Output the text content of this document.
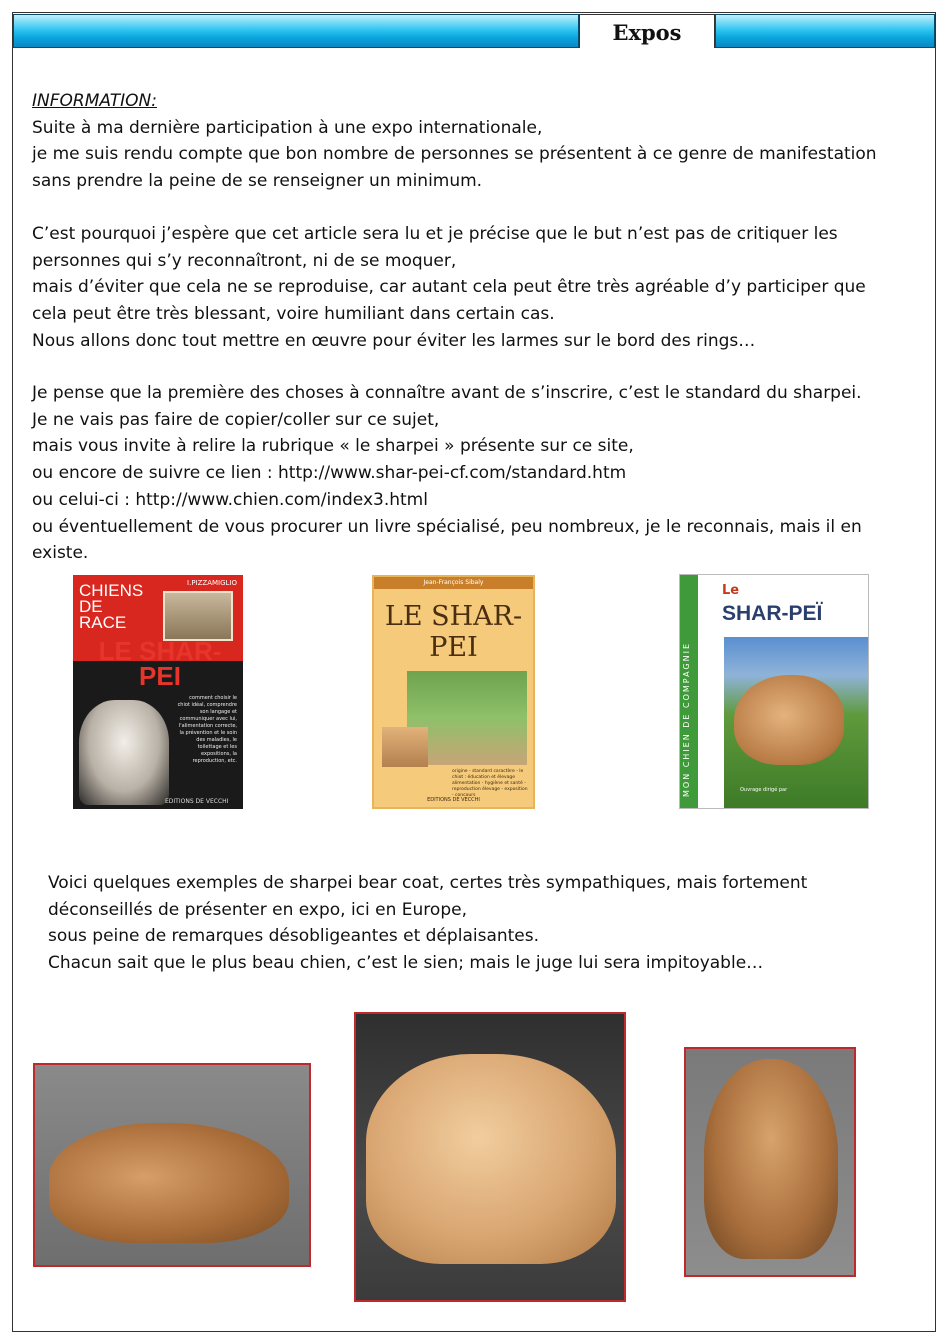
Expos
INFORMATION:
Suite à ma dernière participation à une expo internationale,
je me suis rendu compte que bon nombre de personnes se présentent à ce genre de manifestation
sans prendre la peine de se renseigner un minimum.
C’est pourquoi j’espère que cet article sera lu et je précise que le but n’est pas de critiquer les
personnes qui s’y reconnaîtront, ni de se moquer,
mais d’éviter que cela ne se reproduise, car autant cela peut être très agréable d’y participer que
cela peut être très blessant, voire humiliant dans certain cas.
Nous allons donc tout mettre en œuvre pour éviter les larmes sur le bord des rings…
Je pense que la première des choses à connaître avant de s’inscrire, c’est le standard du sharpei.
Je ne vais pas faire de copier/coller sur ce sujet,
mais vous invite à relire la rubrique « le sharpei » présente sur ce site,
ou encore de suivre ce lien : http://www.shar-pei-cf.com/standard.htm
ou celui-ci : http://www.chien.com/index3.html
ou éventuellement de vous procurer un livre spécialisé, peu nombreux, je le reconnais, mais il en
existe.
CHIENS DE RACE
I.PIZZAMIGLIO
LE SHAR-PEI
comment choisir le chiot idéal, comprendre son langage et communiquer avec lui, l'alimentation correcte, la prévention et le soin des maladies, le toilettage et les expositions, la reproduction, etc.
EDITIONS DE VECCHI
Jean-François Sibaly
LE SHAR-PEI
origine - standard caractère - le chiot : éducation et élevage alimentation - hygiène et santé - reproduction élevage - exposition - concours
EDITIONS DE VECCHI
MON CHIEN DE COMPAGNIE
Le
SHAR-PEÏ
Ouvrage dirigé par
Voici quelques exemples de sharpei bear coat, certes très sympathiques, mais fortement
déconseillés de présenter en expo, ici en Europe,
sous peine de remarques désobligeantes et déplaisantes.
Chacun sait que le plus beau chien, c’est le sien; mais le juge lui sera impitoyable…
